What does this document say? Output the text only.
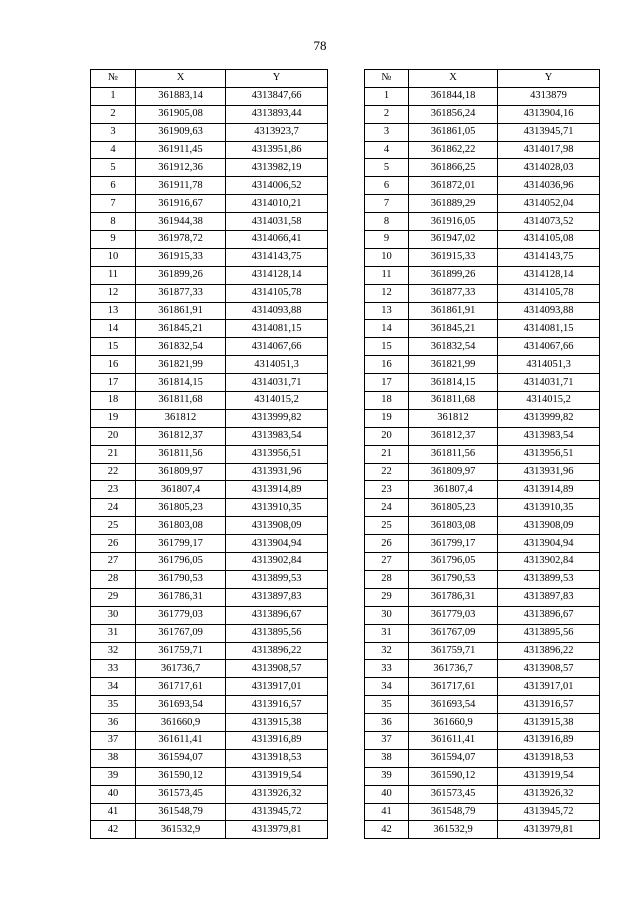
78
№	X	Y
1	361883,14	4313847,66
2	361905,08	4313893,44
3	361909,63	4313923,7
4	361911,45	4313951,86
5	361912,36	4313982,19
6	361911,78	4314006,52
7	361916,67	4314010,21
8	361944,38	4314031,58
9	361978,72	4314066,41
10	361915,33	4314143,75
11	361899,26	4314128,14
12	361877,33	4314105,78
13	361861,91	4314093,88
14	361845,21	4314081,15
15	361832,54	4314067,66
16	361821,99	4314051,3
17	361814,15	4314031,71
18	361811,68	4314015,2
19	361812	4313999,82
20	361812,37	4313983,54
21	361811,56	4313956,51
22	361809,97	4313931,96
23	361807,4	4313914,89
24	361805,23	4313910,35
25	361803,08	4313908,09
26	361799,17	4313904,94
27	361796,05	4313902,84
28	361790,53	4313899,53
29	361786,31	4313897,83
30	361779,03	4313896,67
31	361767,09	4313895,56
32	361759,71	4313896,22
33	361736,7	4313908,57
34	361717,61	4313917,01
35	361693,54	4313916,57
36	361660,9	4313915,38
37	361611,41	4313916,89
38	361594,07	4313918,53
39	361590,12	4313919,54
40	361573,45	4313926,32
41	361548,79	4313945,72
42	361532,9	4313979,81
№	X	Y
1	361844,18	4313879
2	361856,24	4313904,16
3	361861,05	4313945,71
4	361862,22	4314017,98
5	361866,25	4314028,03
6	361872,01	4314036,96
7	361889,29	4314052,04
8	361916,05	4314073,52
9	361947,02	4314105,08
10	361915,33	4314143,75
11	361899,26	4314128,14
12	361877,33	4314105,78
13	361861,91	4314093,88
14	361845,21	4314081,15
15	361832,54	4314067,66
16	361821,99	4314051,3
17	361814,15	4314031,71
18	361811,68	4314015,2
19	361812	4313999,82
20	361812,37	4313983,54
21	361811,56	4313956,51
22	361809,97	4313931,96
23	361807,4	4313914,89
24	361805,23	4313910,35
25	361803,08	4313908,09
26	361799,17	4313904,94
27	361796,05	4313902,84
28	361790,53	4313899,53
29	361786,31	4313897,83
30	361779,03	4313896,67
31	361767,09	4313895,56
32	361759,71	4313896,22
33	361736,7	4313908,57
34	361717,61	4313917,01
35	361693,54	4313916,57
36	361660,9	4313915,38
37	361611,41	4313916,89
38	361594,07	4313918,53
39	361590,12	4313919,54
40	361573,45	4313926,32
41	361548,79	4313945,72
42	361532,9	4313979,81
